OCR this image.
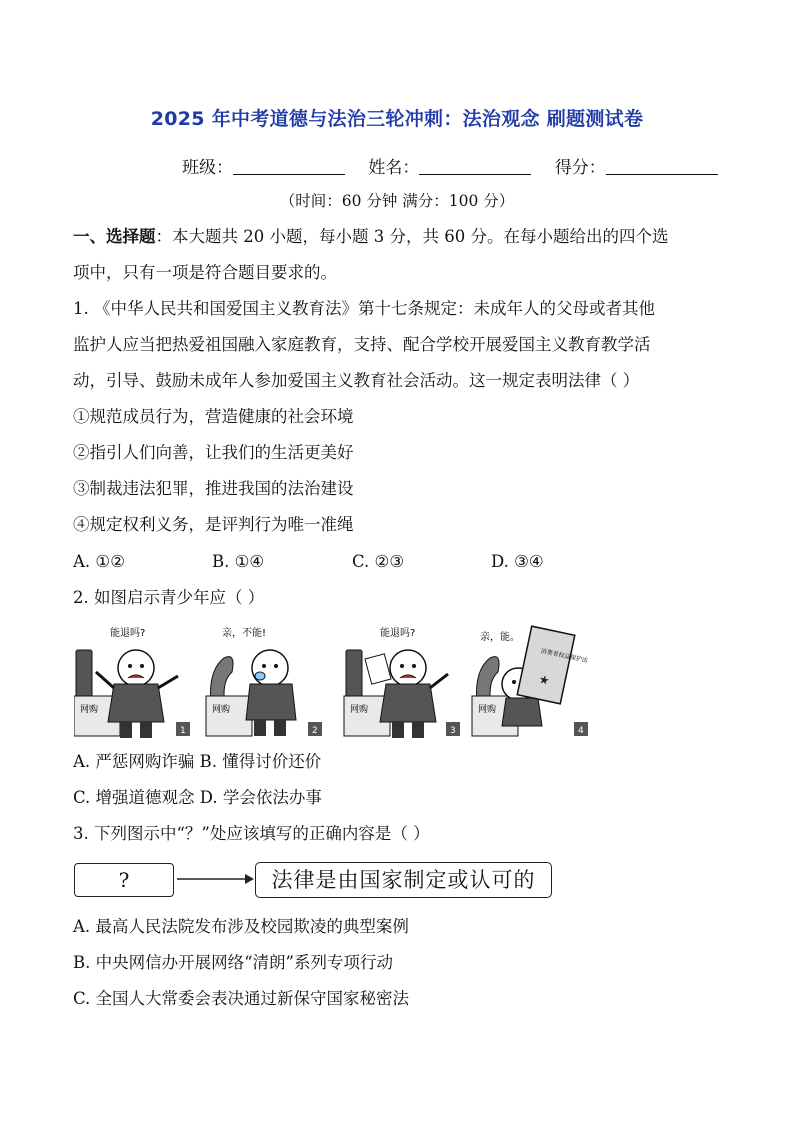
2025 年中考道德与法治三轮冲刺：法治观念 刷题测试卷
班级：	姓名：	得分：
（时间：60 分钟 满分：100 分）
一、选择题：本大题共 20 小题，每小题 3 分，共 60 分。在每小题给出的四个选
项中，只有一项是符合题目要求的。
1. 《中华人民共和国爱国主义教育法》第十七条规定：未成年人的父母或者其他
监护人应当把热爱祖国融入家庭教育，支持、配合学校开展爱国主义教育教学活
动，引导、鼓励未成年人参加爱国主义教育社会活动。这一规定表明法律（ ）
①规范成员行为，营造健康的社会环境
②指引人们向善，让我们的生活更美好
③制裁违法犯罪，推进我国的法治建设
④规定权利义务，是评判行为唯一准绳
A. ①②	B. ①④	C. ②③	D. ③④
2. 如图启示青少年应（ ）
网购
能退吗?
1
网购
亲，不能!
2
网购
能退吗?
3
网购
亲，能。
消费者权益保护法
★
4
A. 严惩网购诈骗 B. 懂得讨价还价
C. 增强道德观念 D. 学会依法办事
3. 下列图示中“？”处应该填写的正确内容是（ ）
?	法律是由国家制定或认可的
A. 最高人民法院发布涉及校园欺凌的典型案例
B. 中央网信办开展网络“清朗”系列专项行动
C. 全国人大常委会表决通过新保守国家秘密法
